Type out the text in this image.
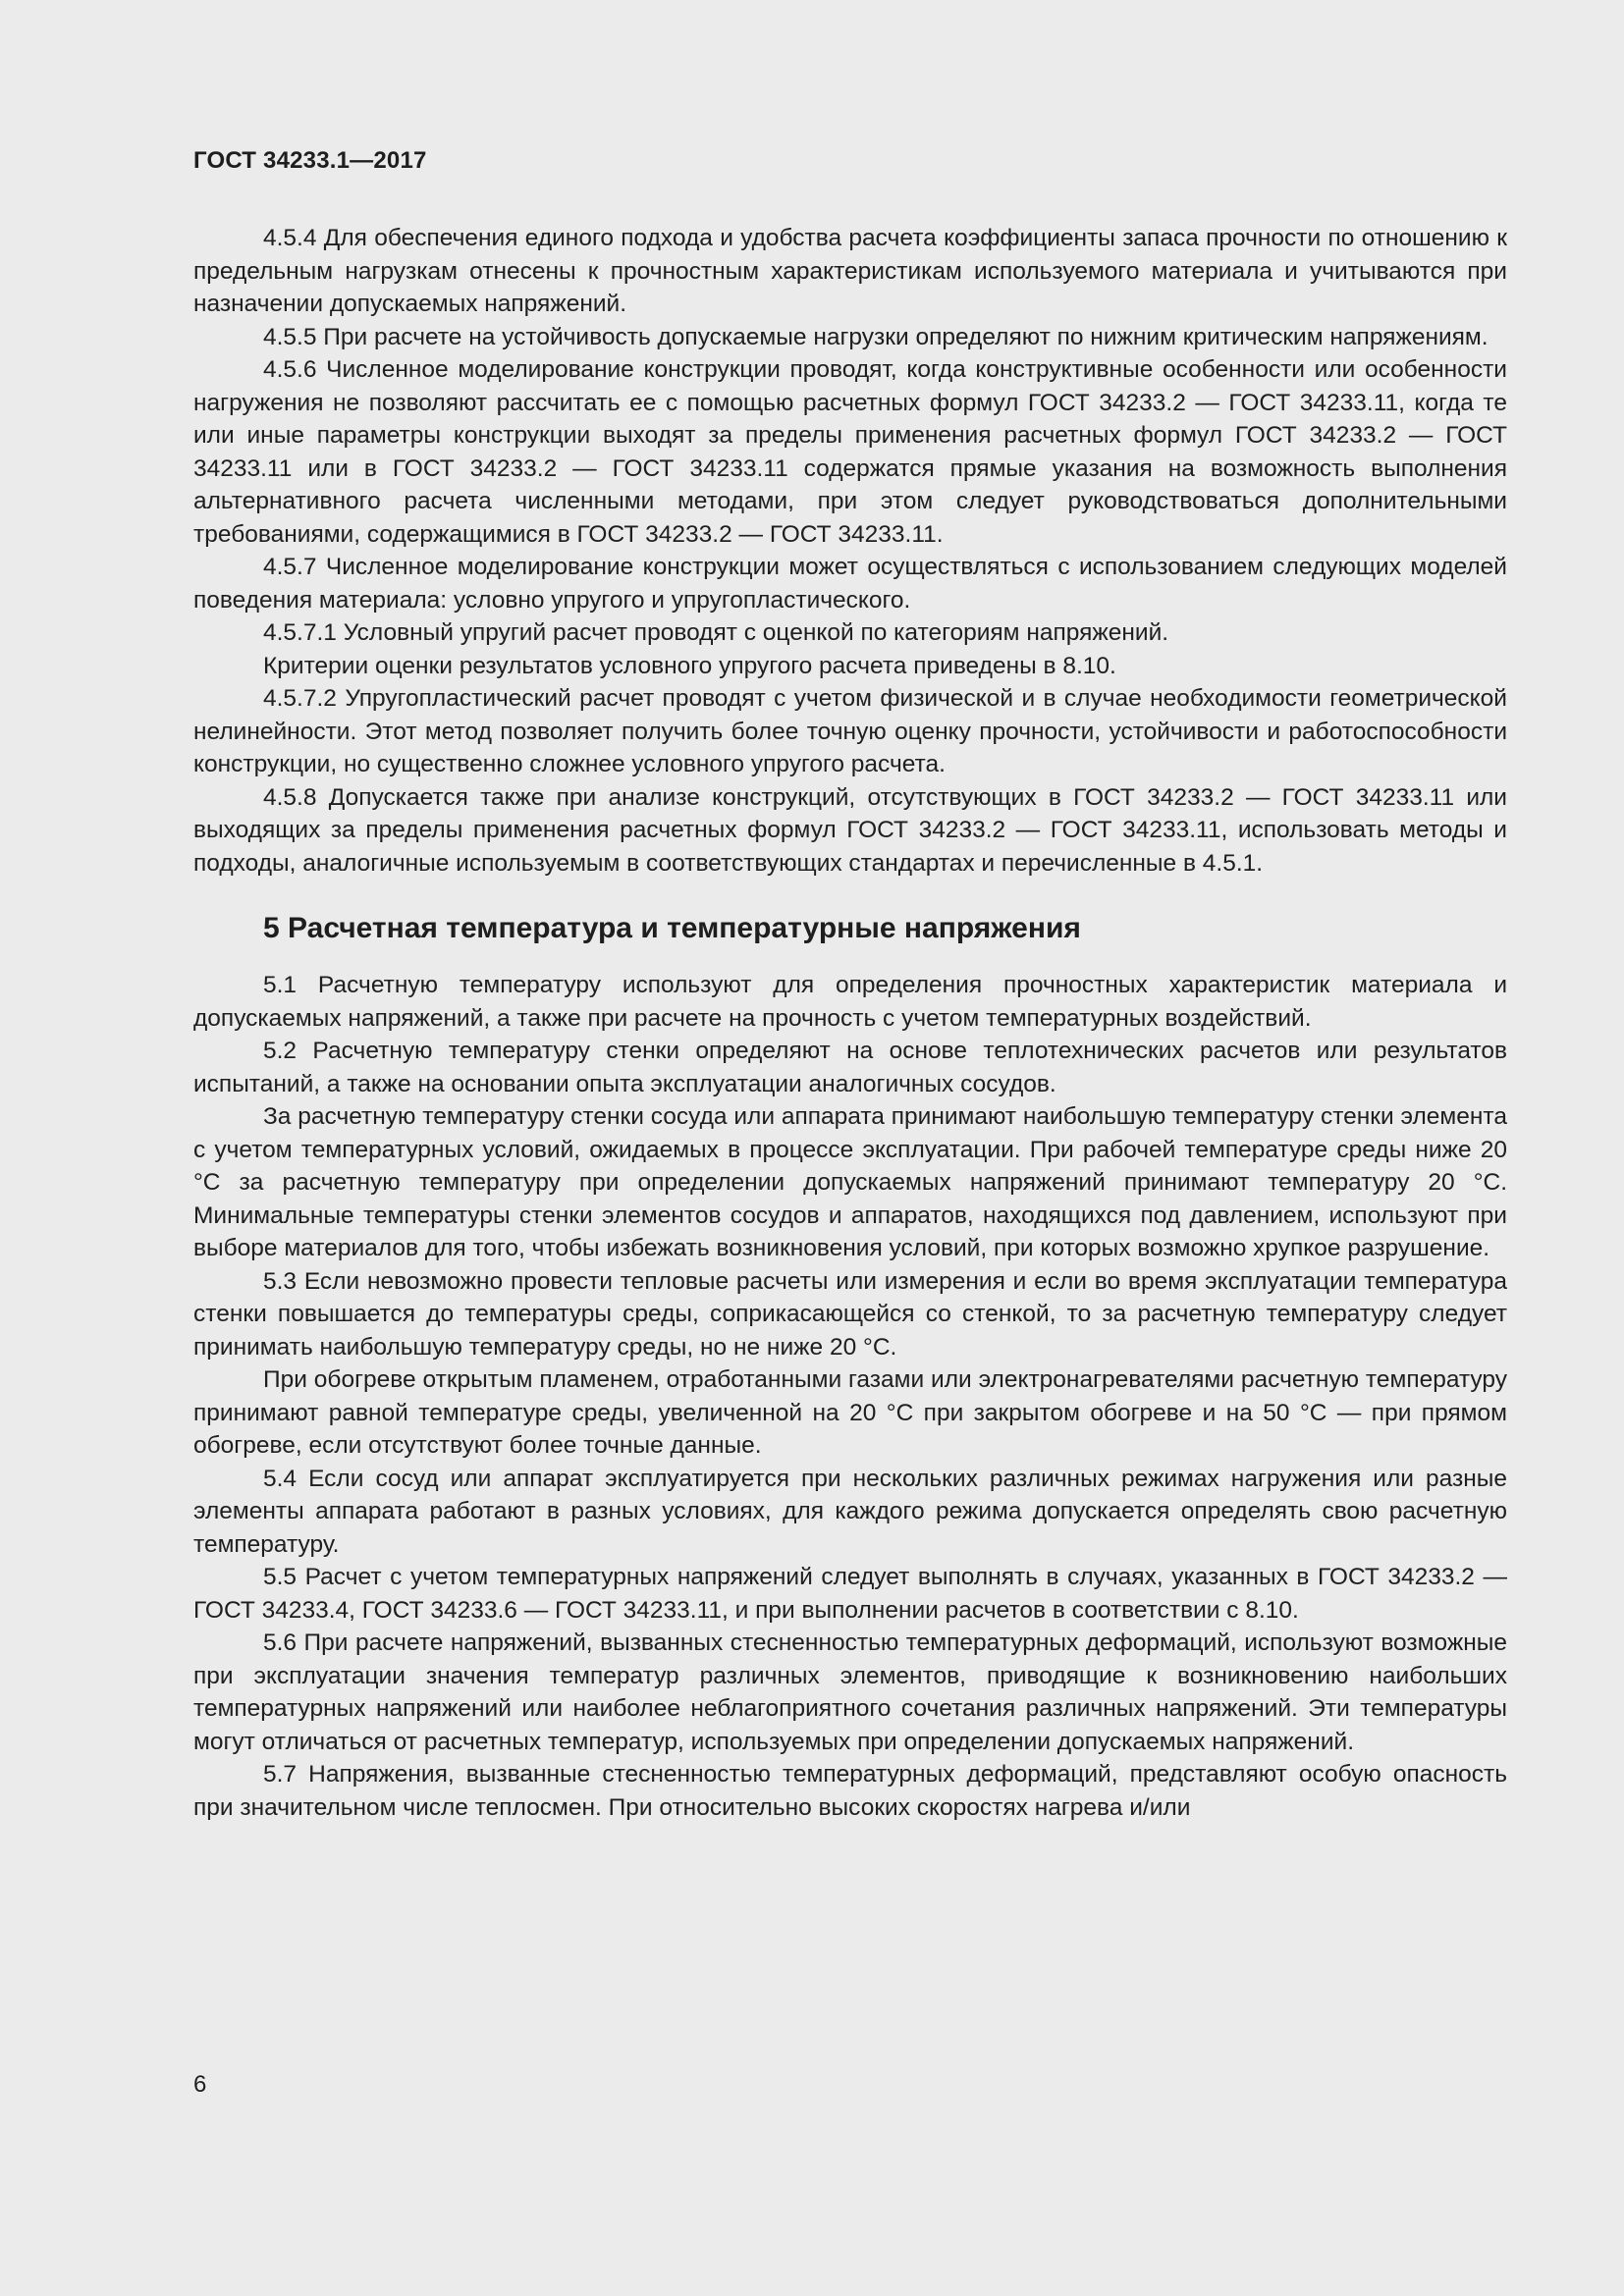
ГОСТ 34233.1—2017

4.5.4 Для обеспечения единого подхода и удобства расчета коэффициенты запаса прочности по отношению к предельным нагрузкам отнесены к прочностным характеристикам используемого материала и учитываются при назначении допускаемых напряжений.

4.5.5 При расчете на устойчивость допускаемые нагрузки определяют по нижним критическим напряжениям.

4.5.6 Численное моделирование конструкции проводят, когда конструктивные особенности или особенности нагружения не позволяют рассчитать ее с помощью расчетных формул ГОСТ 34233.2 — ГОСТ 34233.11, когда те или иные параметры конструкции выходят за пределы применения расчетных формул ГОСТ 34233.2 — ГОСТ 34233.11 или в ГОСТ 34233.2 — ГОСТ 34233.11 содержатся прямые указания на возможность выполнения альтернативного расчета численными методами, при этом следует руководствоваться дополнительными требованиями, содержащимися в ГОСТ 34233.2 — ГОСТ 34233.11.

4.5.7 Численное моделирование конструкции может осуществляться с использованием следующих моделей поведения материала: условно упругого и упругопластического.

4.5.7.1 Условный упругий расчет проводят с оценкой по категориям напряжений.

Критерии оценки результатов условного упругого расчета приведены в 8.10.

4.5.7.2 Упругопластический расчет проводят с учетом физической и в случае необходимости геометрической нелинейности. Этот метод позволяет получить более точную оценку прочности, устойчивости и работоспособности конструкции, но существенно сложнее условного упругого расчета.

4.5.8 Допускается также при анализе конструкций, отсутствующих в ГОСТ 34233.2 — ГОСТ 34233.11 или выходящих за пределы применения расчетных формул ГОСТ 34233.2 — ГОСТ 34233.11, использовать методы и подходы, аналогичные используемым в соответствующих стандартах и перечисленные в 4.5.1.

5 Расчетная температура и температурные напряжения

5.1 Расчетную температуру используют для определения прочностных характеристик материала и допускаемых напряжений, а также при расчете на прочность с учетом температурных воздействий.

5.2 Расчетную температуру стенки определяют на основе теплотехнических расчетов или результатов испытаний, а также на основании опыта эксплуатации аналогичных сосудов.

За расчетную температуру стенки сосуда или аппарата принимают наибольшую температуру стенки элемента с учетом температурных условий, ожидаемых в процессе эксплуатации. При рабочей температуре среды ниже 20 °С за расчетную температуру при определении допускаемых напряжений принимают температуру 20 °С. Минимальные температуры стенки элементов сосудов и аппаратов, находящихся под давлением, используют при выборе материалов для того, чтобы избежать возникновения условий, при которых возможно хрупкое разрушение.

5.3 Если невозможно провести тепловые расчеты или измерения и если во время эксплуатации температура стенки повышается до температуры среды, соприкасающейся со стенкой, то за расчетную температуру следует принимать наибольшую температуру среды, но не ниже 20 °С.

При обогреве открытым пламенем, отработанными газами или электронагревателями расчетную температуру принимают равной температуре среды, увеличенной на 20 °С при закрытом обогреве и на 50 °С — при прямом обогреве, если отсутствуют более точные данные.

5.4 Если сосуд или аппарат эксплуатируется при нескольких различных режимах нагружения или разные элементы аппарата работают в разных условиях, для каждого режима допускается определять свою расчетную температуру.

5.5 Расчет с учетом температурных напряжений следует выполнять в случаях, указанных в ГОСТ 34233.2 — ГОСТ 34233.4, ГОСТ 34233.6 — ГОСТ 34233.11, и при выполнении расчетов в соответствии с 8.10.

5.6 При расчете напряжений, вызванных стесненностью температурных деформаций, используют возможные при эксплуатации значения температур различных элементов, приводящие к возникновению наибольших температурных напряжений или наиболее неблагоприятного сочетания различных напряжений. Эти температуры могут отличаться от расчетных температур, используемых при определении допускаемых напряжений.

5.7 Напряжения, вызванные стесненностью температурных деформаций, представляют особую опасность при значительном числе теплосмен. При относительно высоких скоростях нагрева и/или

6
